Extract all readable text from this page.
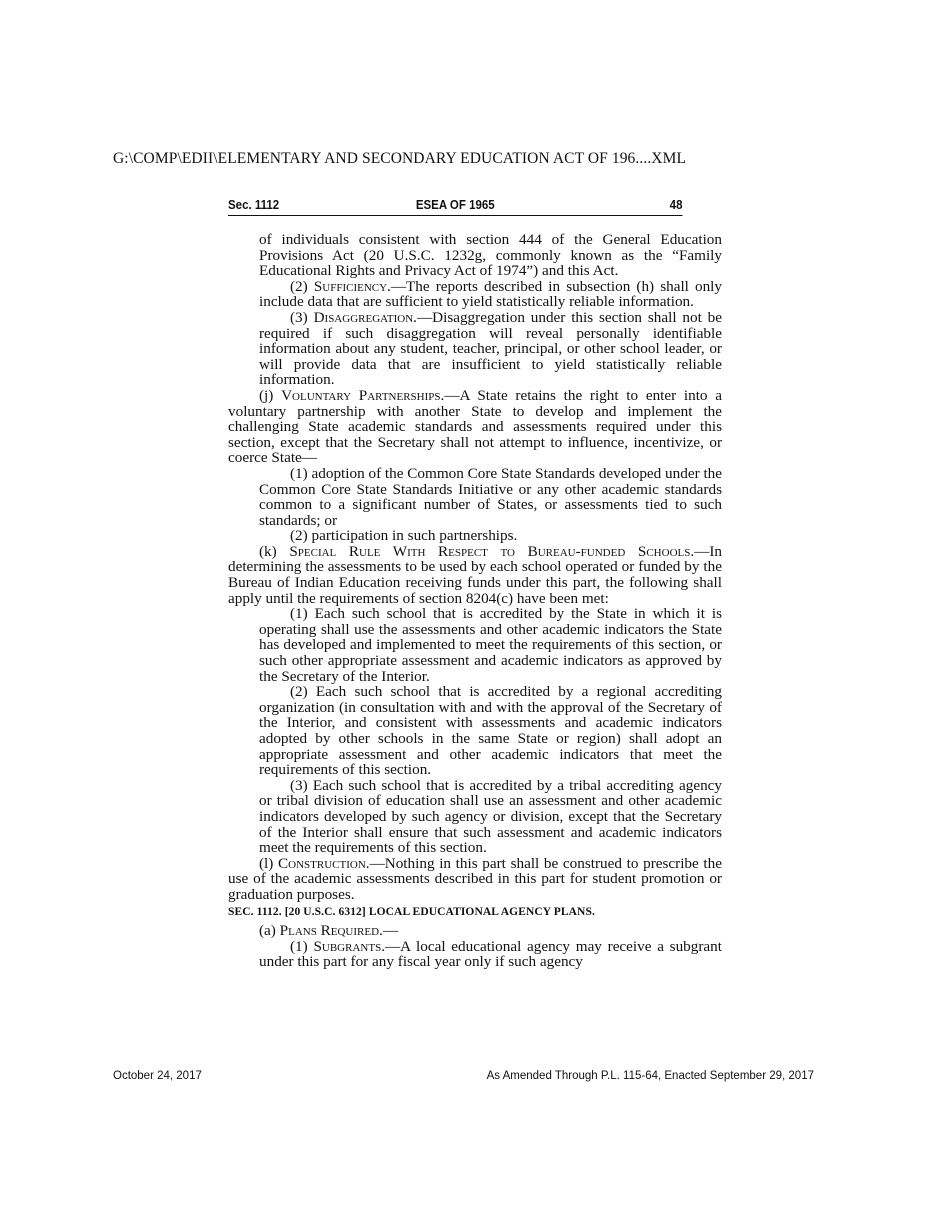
G:\COMP\EDII\ELEMENTARY AND SECONDARY EDUCATION ACT OF 196....XML
Sec. 1112	ESEA OF 1965	48

of individuals consistent with section 444 of the General Education Provisions Act (20 U.S.C. 1232g, commonly known as the “Family Educational Rights and Privacy Act of 1974”) and this Act.

(2) Sufficiency.—The reports described in subsection (h) shall only include data that are sufficient to yield statistically reliable information.

(3) Disaggregation.—Disaggregation under this section shall not be required if such disaggregation will reveal personally identifiable information about any student, teacher, principal, or other school leader, or will provide data that are insufficient to yield statistically reliable information.

(j) Voluntary Partnerships.—A State retains the right to enter into a voluntary partnership with another State to develop and implement the challenging State academic standards and assessments required under this section, except that the Secretary shall not attempt to influence, incentivize, or coerce State—

(1) adoption of the Common Core State Standards developed under the Common Core State Standards Initiative or any other academic standards common to a significant number of States, or assessments tied to such standards; or

(2) participation in such partnerships.

(k) Special Rule With Respect to Bureau-funded Schools.—In determining the assessments to be used by each school operated or funded by the Bureau of Indian Education receiving funds under this part, the following shall apply until the requirements of section 8204(c) have been met:

(1) Each such school that is accredited by the State in which it is operating shall use the assessments and other academic indicators the State has developed and implemented to meet the requirements of this section, or such other appropriate assessment and academic indicators as approved by the Secretary of the Interior.

(2) Each such school that is accredited by a regional accrediting organization (in consultation with and with the approval of the Secretary of the Interior, and consistent with assessments and academic indicators adopted by other schools in the same State or region) shall adopt an appropriate assessment and other academic indicators that meet the requirements of this section.

(3) Each such school that is accredited by a tribal accrediting agency or tribal division of education shall use an assessment and other academic indicators developed by such agency or division, except that the Secretary of the Interior shall ensure that such assessment and academic indicators meet the requirements of this section.

(l) Construction.—Nothing in this part shall be construed to prescribe the use of the academic assessments described in this part for student promotion or graduation purposes.

SEC. 1112. [20 U.S.C. 6312] LOCAL EDUCATIONAL AGENCY PLANS.

(a) Plans Required.—

(1) Subgrants.—A local educational agency may receive a subgrant under this part for any fiscal year only if such agency

October 24, 2017	As Amended Through P.L. 115-64, Enacted September 29, 2017
